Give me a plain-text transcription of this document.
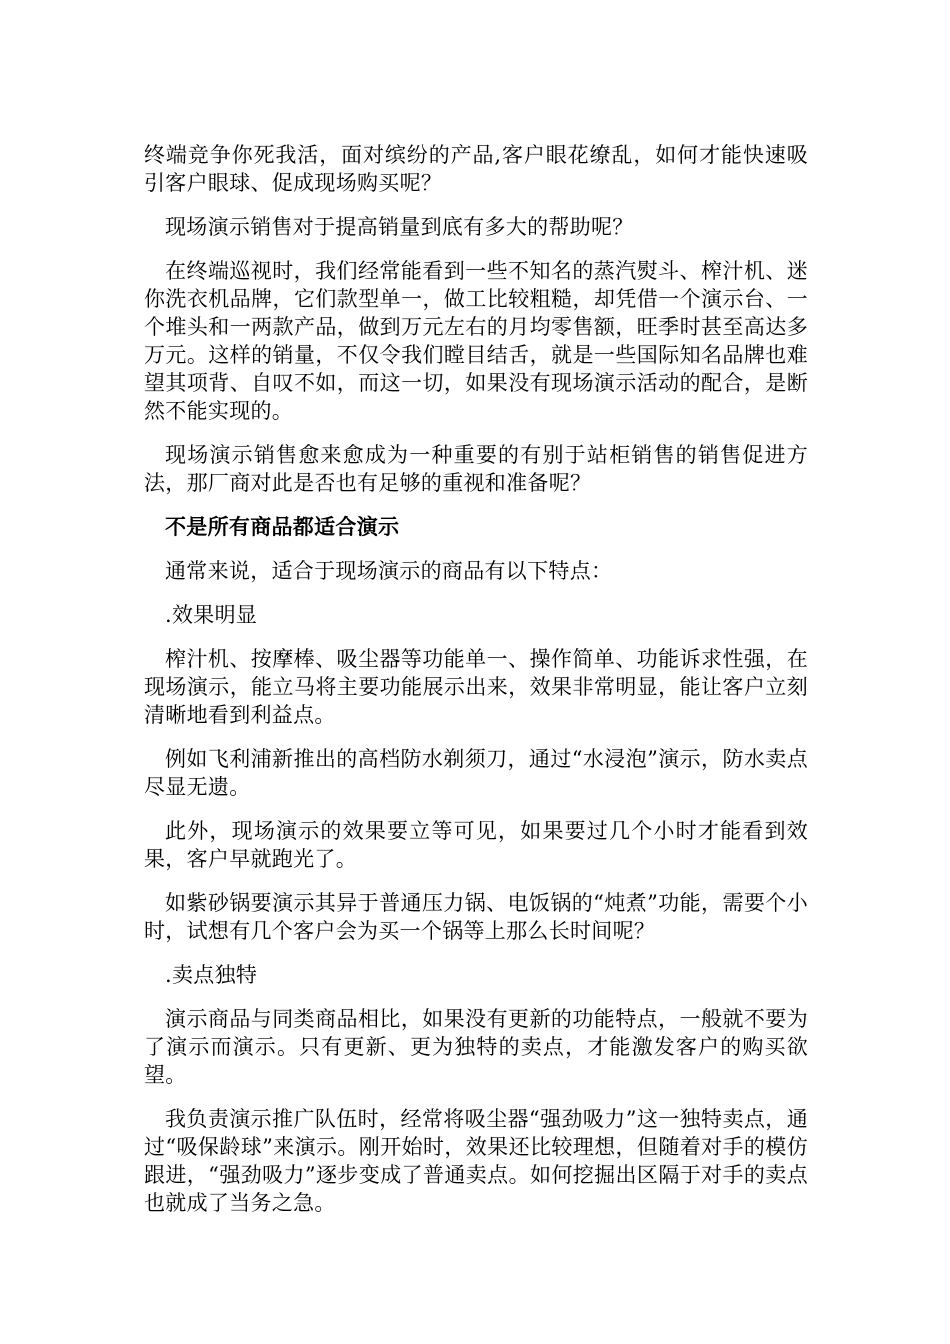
终端竞争你死我活，面对缤纷的产品,客户眼花缭乱，如何才能快速吸引客户眼球、促成现场购买呢？

现场演示销售对于提高销量到底有多大的帮助呢？

在终端巡视时，我们经常能看到一些不知名的蒸汽熨斗、榨汁机、迷你洗衣机品牌，它们款型单一，做工比较粗糙，却凭借一个演示台、一个堆头和一两款产品，做到万元左右的月均零售额，旺季时甚至高达多万元。这样的销量，不仅令我们瞠目结舌，就是一些国际知名品牌也难望其项背、自叹不如，而这一切，如果没有现场演示活动的配合，是断然不能实现的。

现场演示销售愈来愈成为一种重要的有别于站柜销售的销售促进方法，那厂商对此是否也有足够的重视和准备呢？

不是所有商品都适合演示

通常来说，适合于现场演示的商品有以下特点：

.效果明显

榨汁机、按摩棒、吸尘器等功能单一、操作简单、功能诉求性强，在现场演示，能立马将主要功能展示出来，效果非常明显，能让客户立刻清晰地看到利益点。

例如飞利浦新推出的高档防水剃须刀，通过“水浸泡”演示，防水卖点尽显无遗。

此外，现场演示的效果要立等可见，如果要过几个小时才能看到效果，客户早就跑光了。

如紫砂锅要演示其异于普通压力锅、电饭锅的“炖煮”功能，需要个小时，试想有几个客户会为买一个锅等上那么长时间呢？

.卖点独特

演示商品与同类商品相比，如果没有更新的功能特点，一般就不要为了演示而演示。只有更新、更为独特的卖点，才能激发客户的购买欲望。

我负责演示推广队伍时，经常将吸尘器“强劲吸力”这一独特卖点，通过“吸保龄球”来演示。刚开始时，效果还比较理想，但随着对手的模仿跟进，“强劲吸力”逐步变成了普通卖点。如何挖掘出区隔于对手的卖点也就成了当务之急。
